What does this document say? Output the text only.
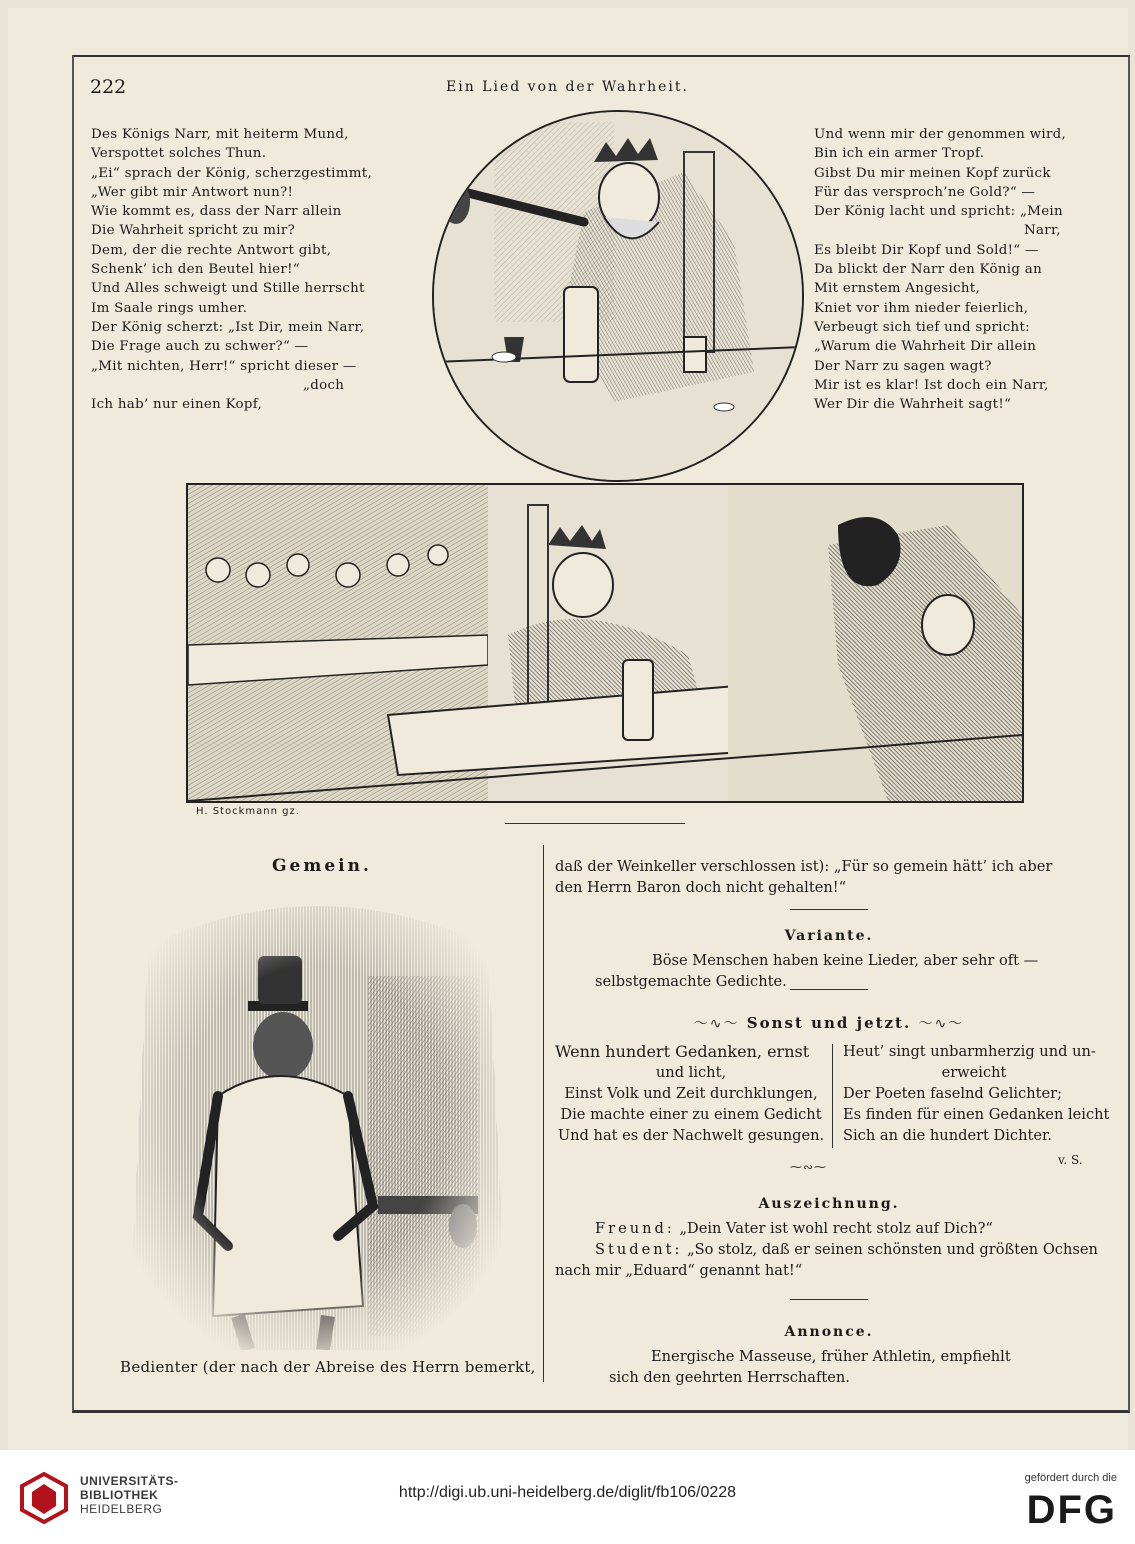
222	Ein Lied von der Wahrheit.
Des Königs Narr, mit heiterm Mund,
Verspottet solches Thun.
„Ei“ sprach der König, scherzgestimmt,
„Wer gibt mir Antwort nun?!
Wie kommt es, dass der Narr allein
Die Wahrheit spricht zu mir?
Dem, der die rechte Antwort gibt,
Schenk’ ich den Beutel hier!“
Und Alles schweigt und Stille herrscht
Im Saale rings umher.
Der König scherzt: „Ist Dir, mein Narr,
Die Frage auch zu schwer?“ —
„Mit nichten, Herr!“ spricht dieser —
„doch
Ich hab’ nur einen Kopf,
Und wenn mir der genommen wird,
Bin ich ein armer Tropf.
Gibst Du mir meinen Kopf zurück
Für das versproch’ne Gold?“ —
Der König lacht und spricht: „Mein
Narr,
Es bleibt Dir Kopf und Sold!“ —
Da blickt der Narr den König an
Mit ernstem Angesicht,
Kniet vor ihm nieder feierlich,
Verbeugt sich tief und spricht:
„Warum die Wahrheit Dir allein
Der Narr zu sagen wagt?
Mir ist es klar! Ist doch ein Narr,
Wer Dir die Wahrheit sagt!“
H. Stockmann gz.
Gemein.
Bedienter (der nach der Abreise des Herrn bemerkt,
daß der Weinkeller verschlossen ist): „Für so gemein hätt’ ich aber
den Herrn Baron doch nicht gehalten!“
Variante.
Böse Menschen haben keine Lieder, aber sehr oft —
selbstgemachte Gedichte.
〜∿〜 Sonst und jetzt. 〜∿〜
Wenn hundert Gedanken, ernst
und licht,
Einst Volk und Zeit durchklungen,
Die machte einer zu einem Gedicht
Und hat es der Nachwelt gesungen.
Heut’ singt unbarmherzig und un-
erweicht
Der Poeten faselnd Gelichter;
Es finden für einen Gedanken leicht
Sich an die hundert Dichter.
v. S.
⁓∾⁓
Auszeichnung.
Freund: „Dein Vater ist wohl recht stolz auf Dich?“
Student: „So stolz, daß er seinen schönsten und größten Ochsen
nach mir „Eduard“ genannt hat!“
Annonce.
Energische Masseuse, früher Athletin, empfiehlt
sich den geehrten Herrschaften.
UNIVERSITÄTS-
BIBLIOTHEK
HEIDELBERG
http://digi.ub.uni-heidelberg.de/diglit/fb106/0228
gefördert durch die
DFG
